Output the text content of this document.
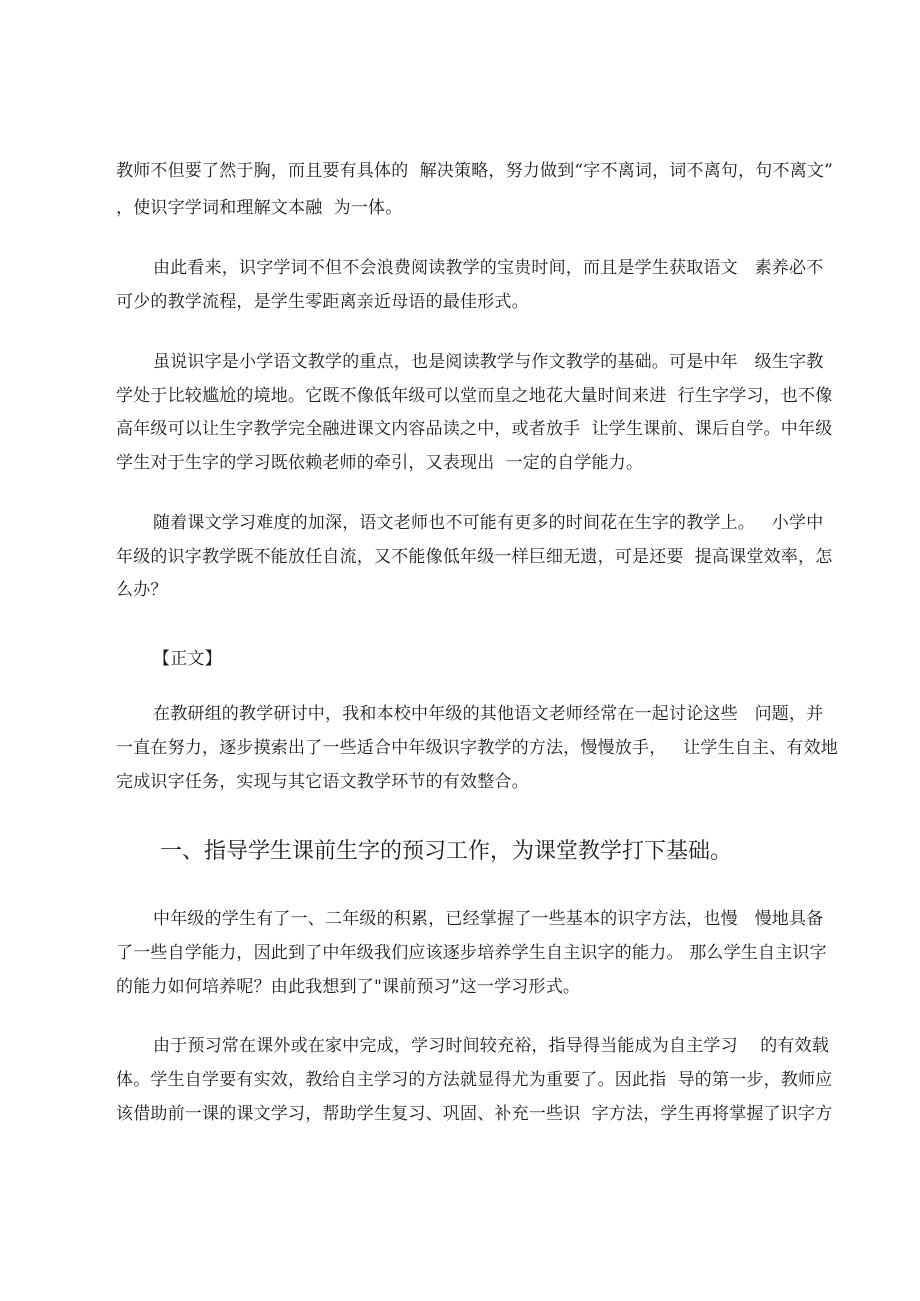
教师不但要了然于胸，而且要有具体的  解决策略，努力做到“字不离词，词不离句，句不离文”
，使识字学词和理解文本融  为一体。
由此看来，识字学词不但不会浪费阅读教学的宝贵时间，而且是学生获取语文   素养必不
可少的教学流程，是学生零距离亲近母语的最佳形式。
虽说识字是小学语文教学的重点，也是阅读教学与作文教学的基础。可是中年   级生字教
学处于比较尴尬的境地。它既不像低年级可以堂而皇之地花大量时间来进  行生字学习，也不像
高年级可以让生字教学完全融进课文内容品读之中，或者放手  让学生课前、课后自学。中年级
学生对于生字的学习既依赖老师的牵引，又表现出  一定的自学能力。
随着课文学习难度的加深，语文老师也不可能有更多的时间花在生字的教学上。   小学中
年级的识字教学既不能放任自流，又不能像低年级一样巨细无遗，可是还要  提高课堂效率，怎
么办？
【正文】
在教研组的教学研讨中，我和本校中年级的其他语文老师经常在一起讨论这些   问题，并
一直在努力，逐步摸索出了一些适合中年级识字教学的方法，慢慢放手，   让学生自主、有效地
完成识字任务，实现与其它语文教学环节的有效整合。
一、指导学生课前生字的预习工作，为课堂教学打下基础。
中年级的学生有了一、二年级的积累，已经掌握了一些基本的识字方法，也慢   慢地具备
了一些自学能力，因此到了中年级我们应该逐步培养学生自主识字的能力。 那么学生自主识字
的能力如何培养呢？由此我想到了"课前预习”这一学习形式。
由于预习常在课外或在家中完成，学习时间较充裕，指导得当能成为自主学习    的有效载
体。学生自学要有实效，教给自主学习的方法就显得尤为重要了。因此指  导的第一步，教师应
该借助前一课的课文学习，帮助学生复习、巩固、补充一些识  字方法，学生再将掌握了识字方
